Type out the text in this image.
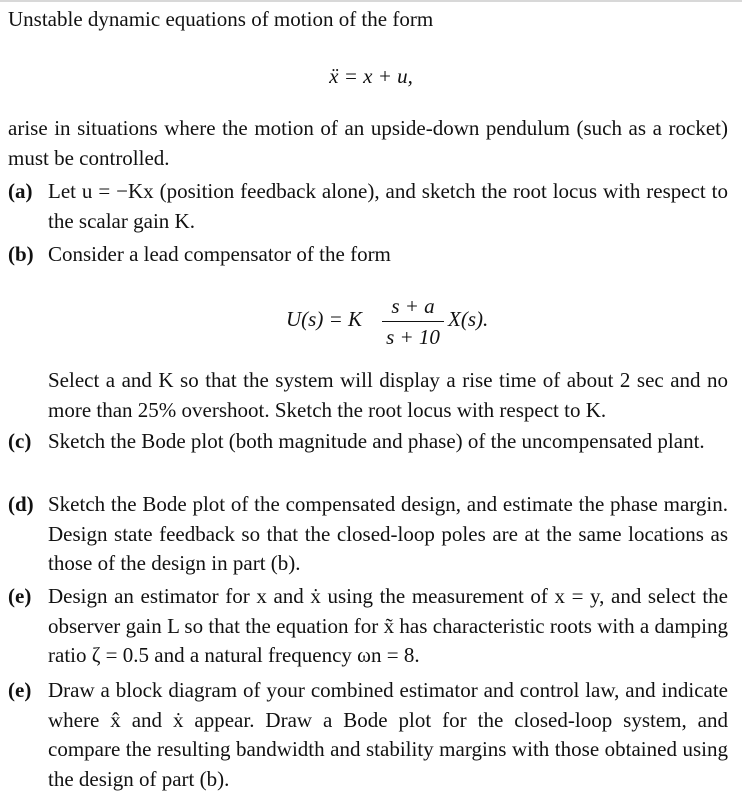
Unstable dynamic equations of motion of the form
ẍ = x + u,
arise in situations where the motion of an upside-down pendulum (such as a rocket) must be controlled.
(a) Let u = −Kx (position feedback alone), and sketch the root locus with respect to the scalar gain K.
(b) Consider a lead compensator of the form
U(s) = K
s + a
s + 10
X(s).
Select a and K so that the system will display a rise time of about 2 sec and no more than 25% overshoot. Sketch the root locus with respect to K.
(c) Sketch the Bode plot (both magnitude and phase) of the uncompensated plant.
(d) Sketch the Bode plot of the compensated design, and estimate the phase margin. Design state feedback so that the closed-loop poles are at the same locations as those of the design in part (b).
(e) Design an estimator for x and ẋ using the measurement of x = y, and select the observer gain L so that the equation for x̃ has characteristic roots with a damping ratio ζ = 0.5 and a natural frequency ωn = 8.
(e) Draw a block diagram of your combined estimator and control law, and indicate where x̂ and ẋ appear. Draw a Bode plot for the closed-loop system, and compare the resulting bandwidth and stability margins with those obtained using the design of part (b).
